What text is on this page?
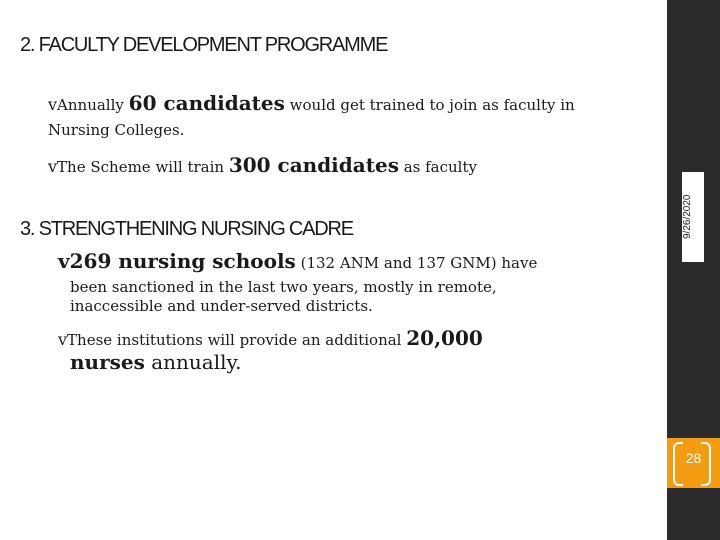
9/26/2020
28
2. FACULTY DEVELOPMENT PROGRAMME
vAnnually 60 candidates would get trained to join as faculty in
Nursing Colleges.
vThe Scheme will train 300 candidates as faculty
3. STRENGTHENING NURSING CADRE
v269 nursing schools (132 ANM and 137 GNM) have
been sanctioned in the last two years, mostly in remote,
inaccessible and under-served districts.
vThese institutions will provide an additional 20,000
nurses annually.
